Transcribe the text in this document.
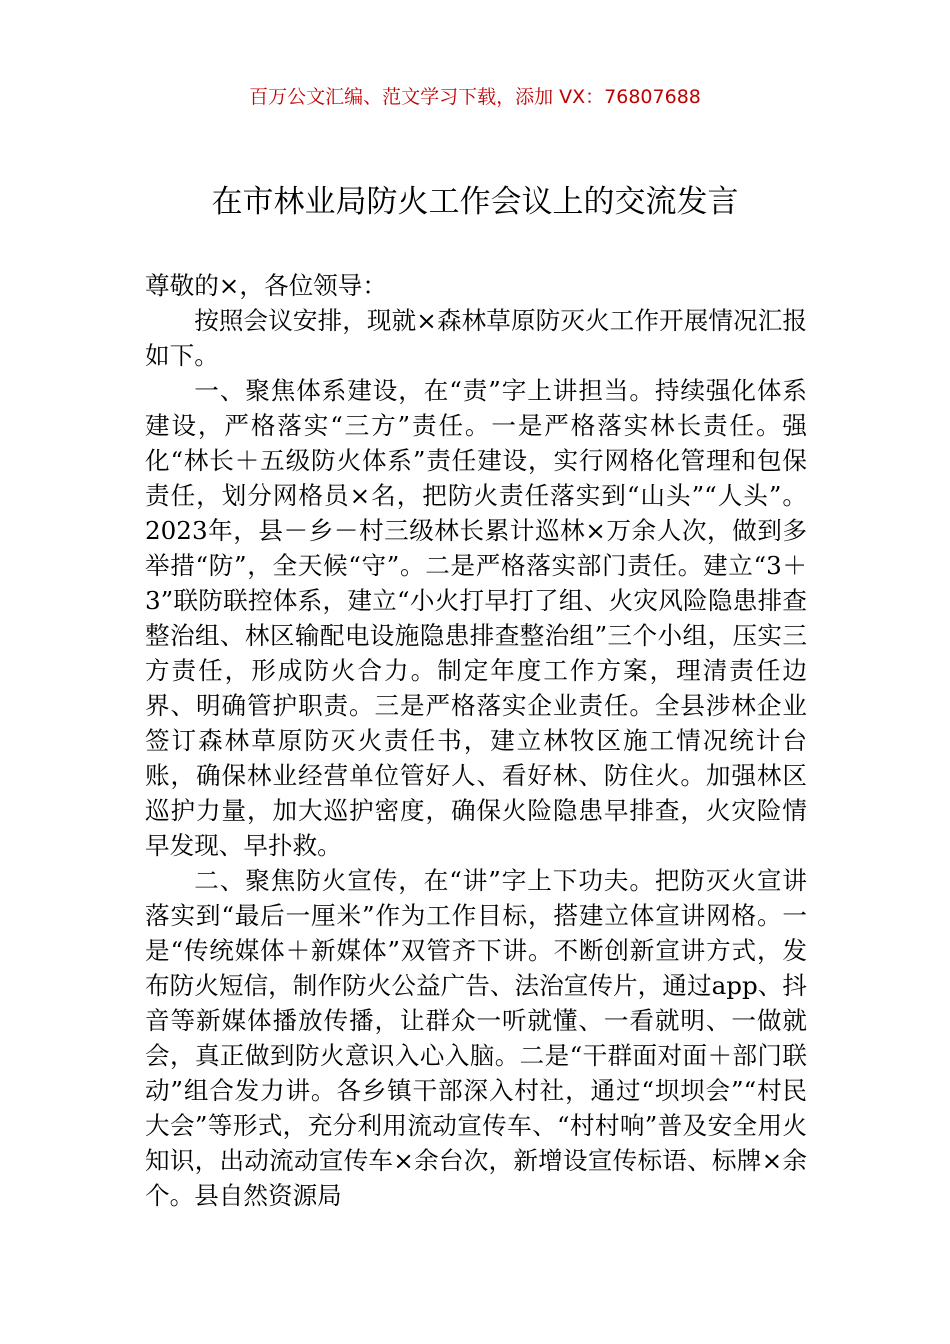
百万公文汇编、范文学习下载，添加 VX：76807688
在市林业局防火工作会议上的交流发言

尊敬的×，各位领导：

按照会议安排，现就×森林草原防灭火工作开展情况汇报如下。

一、聚焦体系建设，在“责”字上讲担当。持续强化体系建设，严格落实“三方”责任。一是严格落实林长责任。强化“林长＋五级防火体系”责任建设，实行网格化管理和包保责任，划分网格员×名，把防火责任落实到“山头”“人头”。2023年，县－乡－村三级林长累计巡林×万余人次，做到多举措“防”，全天候“守”。二是严格落实部门责任。建立“3＋3”联防联控体系，建立“小火打早打了组、火灾风险隐患排查整治组、林区输配电设施隐患排查整治组”三个小组，压实三方责任，形成防火合力。制定年度工作方案，理清责任边界、明确管护职责。三是严格落实企业责任。全县涉林企业签订森林草原防灭火责任书，建立林牧区施工情况统计台账，确保林业经营单位管好人、看好林、防住火。加强林区巡护力量，加大巡护密度，确保火险隐患早排查，火灾险情早发现、早扑救。

二、聚焦防火宣传，在“讲”字上下功夫。把防灭火宣讲落实到“最后一厘米”作为工作目标，搭建立体宣讲网格。一是“传统媒体＋新媒体”双管齐下讲。不断创新宣讲方式，发布防火短信，制作防火公益广告、法治宣传片，通过app、抖音等新媒体播放传播，让群众一听就懂、一看就明、一做就会，真正做到防火意识入心入脑。二是“干群面对面＋部门联动”组合发力讲。各乡镇干部深入村社，通过“坝坝会”“村民大会”等形式，充分利用流动宣传车、“村村响”普及安全用火知识，出动流动宣传车×余台次，新增设宣传标语、标牌×余个。县自然资源局
